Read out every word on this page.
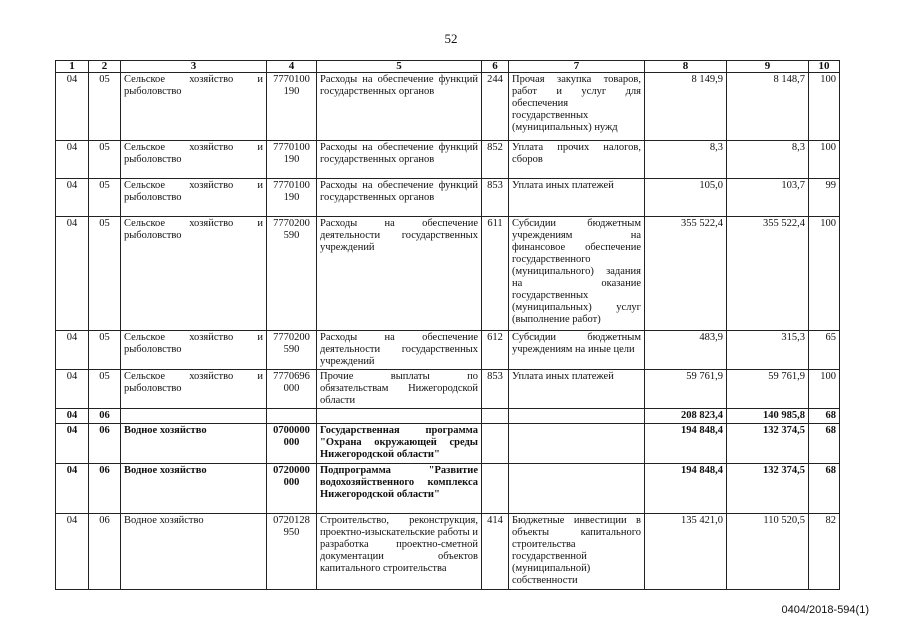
52
1	2	3	4	5	6	7	8	9	10
04	05	Сельское хозяйство и рыболовство	7770100 190	Расходы на обеспечение функций государственных органов	244	Прочая закупка товаров, работ и услуг для обеспечения государственных (муниципальных) нужд	8 149,9	8 148,7	100
04	05	Сельское хозяйство и рыболовство	7770100 190	Расходы на обеспечение функций государственных органов	852	Уплата прочих налогов, сборов	8,3	8,3	100
04	05	Сельское хозяйство и рыболовство	7770100 190	Расходы на обеспечение функций государственных органов	853	Уплата иных платежей	105,0	103,7	99
04	05	Сельское хозяйство и рыболовство	7770200 590	Расходы на обеспечение деятельности государственных учреждений	611	Субсидии бюджетным учреждениям на финансовое обеспечение государственного (муниципального) задания на оказание государственных (муниципальных) услуг (выполнение работ)	355 522,4	355 522,4	100
04	05	Сельское хозяйство и рыболовство	7770200 590	Расходы на обеспечение деятельности государственных учреждений	612	Субсидии бюджетным учреждениям на иные цели	483,9	315,3	65
04	05	Сельское хозяйство и рыболовство	7770696 000	Прочие выплаты по обязательствам Нижегородской области	853	Уплата иных платежей	59 761,9	59 761,9	100
04	06						208 823,4	140 985,8	68
04	06	Водное хозяйство	0700000 000	Государственная программа "Охрана окружающей среды Нижегородской области"			194 848,4	132 374,5	68
04	06	Водное хозяйство	0720000 000	Подпрограмма "Развитие водохозяйственного комплекса Нижегородской области"			194 848,4	132 374,5	68
04	06	Водное хозяйство	0720128 950	Строительство, реконструкция, проектно-изыскательские работы и разработка проектно-сметной документации объектов капитального строительства	414	Бюджетные инвестиции в объекты капитального строительства государственной (муниципальной) собственности	135 421,0	110 520,5	82
0404/2018-594(1)
